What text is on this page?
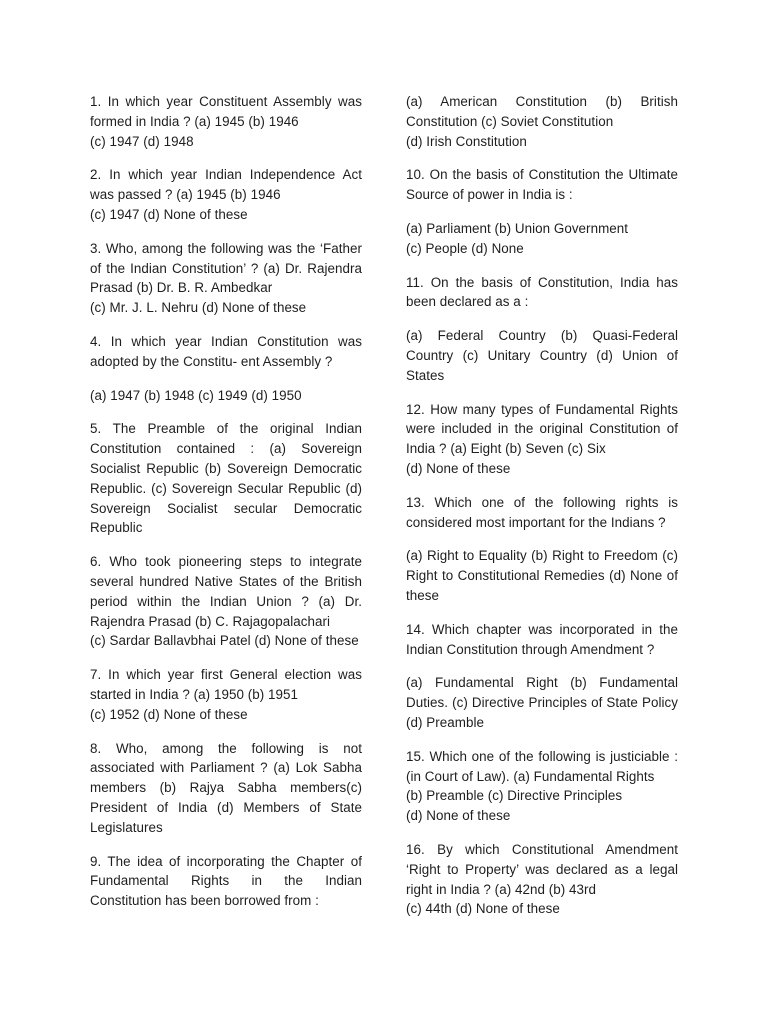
1. In which year Constituent Assembly was formed in India ? (a) 1945 (b) 1946
(c) 1947 (d) 1948

2. In which year Indian Independence Act was passed ? (a) 1945 (b) 1946
(c) 1947 (d) None of these

3. Who, among the following was the ‘Father of the Indian Constitution’ ? (a) Dr. Rajendra Prasad (b) Dr. B. R. Ambedkar
(c) Mr. J. L. Nehru (d) None of these

4. In which year Indian Constitution was adopted by the Constitu- ent Assembly ?

(a) 1947 (b) 1948 (c) 1949 (d) 1950

5. The Preamble of the original Indian Constitution contained : (a) Sovereign Socialist Republic (b) Sovereign Democratic Republic. (c) Sovereign Secular Republic (d) Sovereign Socialist secular Democratic Republic

6. Who took pioneering steps to integrate several hundred Native States of the British period within the Indian Union ? (a) Dr. Rajendra Prasad (b) C. Rajagopalachari
(c) Sardar Ballavbhai Patel (d) None of these

7. In which year first General election was started in India ? (a) 1950 (b) 1951
(c) 1952 (d) None of these

8. Who, among the following is not associated with Parliament ? (a) Lok Sabha members (b) Rajya Sabha members(c) President of India (d) Members of State Legislatures

9. The idea of incorporating the Chapter of Fundamental Rights in the Indian Constitution has been borrowed from :

(a) American Constitution (b) British Constitution (c) Soviet Constitution
(d) Irish Constitution

10. On the basis of Constitution the Ultimate Source of power in India is :

(a) Parliament (b) Union Government
(c) People (d) None

11. On the basis of Constitution, India has been declared as a :

(a) Federal Country (b) Quasi-Federal Country (c) Unitary Country (d) Union of States

12. How many types of Fundamental Rights were included in the original Constitution of India ? (a) Eight (b) Seven (c) Six
(d) None of these

13. Which one of the following rights is considered most important for the Indians ?

(a) Right to Equality (b) Right to Freedom (c) Right to Constitutional Remedies (d) None of these

14. Which chapter was incorporated in the Indian Constitution through Amendment ?

(a) Fundamental Right (b) Fundamental Duties. (c) Directive Principles of State Policy (d) Preamble

15. Which one of the following is justiciable : (in Court of Law). (a) Fundamental Rights
(b) Preamble (c) Directive Principles
(d) None of these

16. By which Constitutional Amendment ‘Right to Property’ was declared as a legal right in India ? (a) 42nd (b) 43rd
(c) 44th (d) None of these
